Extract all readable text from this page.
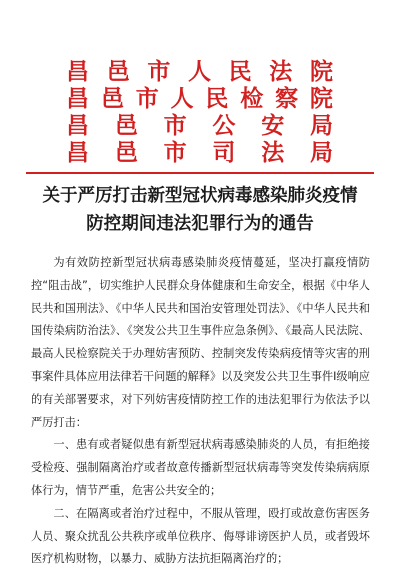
昌 邑 市 人 民 法 院
昌 邑 市 人 民 检 察 院
昌 邑 市 公 安 局
昌 邑 市 司 法 局
关于严厉打击新型冠状病毒感染肺炎疫情
防控期间违法犯罪行为的通告

为有效防控新型冠状病毒感染肺炎疫情蔓延，坚决打赢疫情防控“阻击战”，切实维护人民群众身体健康和生命安全，根据《中华人民共和国刑法》、《中华人民共和国治安管理处罚法》、《中华人民共和国传染病防治法》、《突发公共卫生事件应急条例》、《最高人民法院、最高人民检察院关于办理妨害预防、控制突发传染病疫情等灾害的刑事案件具体应用法律若干问题的解释》以及突发公共卫生事件Ⅰ级响应的有关部署要求，对下列妨害疫情防控工作的违法犯罪行为依法予以严厉打击：

一、患有或者疑似患有新型冠状病毒感染肺炎的人员，有拒绝接受检疫、强制隔离治疗或者故意传播新型冠状病毒等突发传染病病原体行为，情节严重，危害公共安全的；

二、在隔离或者治疗过程中，不服从管理，殴打或故意伤害医务人员、聚众扰乱公共秩序或单位秩序、侮辱诽谤医护人员，或者毁坏医疗机构财物，以暴力、威胁方法抗拒隔离治疗的；
